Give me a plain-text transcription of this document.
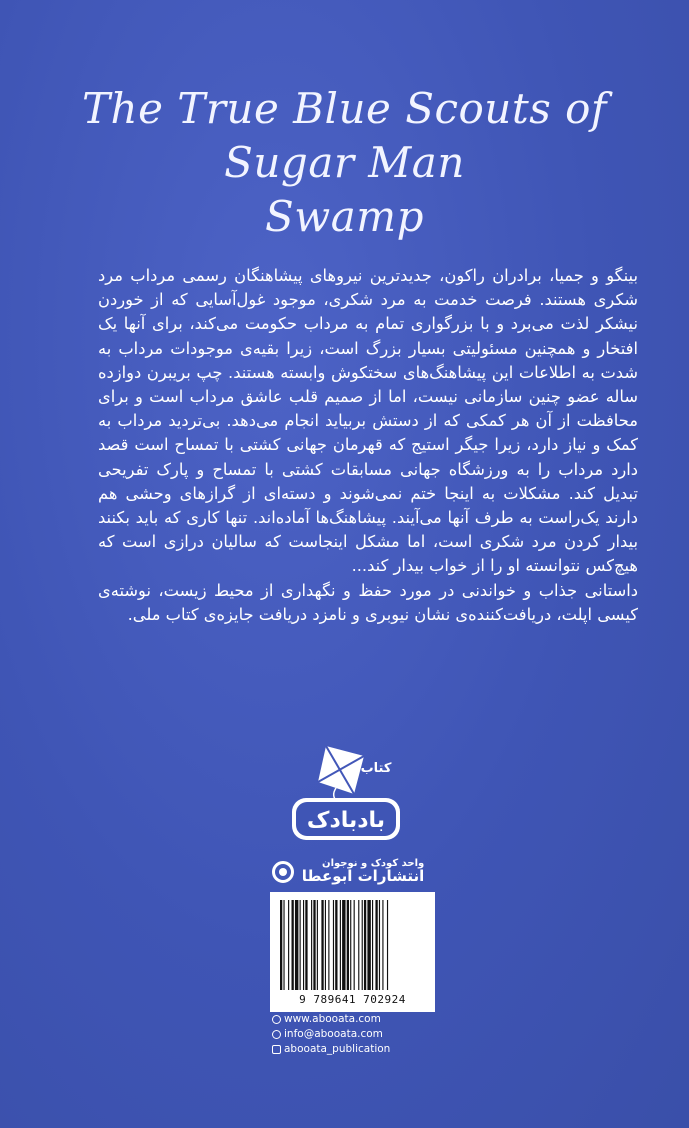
The True Blue Scouts of
Sugar Man
Swamp

بینگو و جمیا، برادران راکون، جدیدترین نیروهای پیشاهنگان رسمی مرداب مرد شکری هستند. فرصت خدمت به مرد شکری، موجود غول‌آسایی که از خوردن نیشکر لذت می‌برد و با بزرگواری تمام به مرداب حکومت می‌کند، برای آنها یک افتخار و همچنین مسئولیتی بسیار بزرگ است، زیرا بقیه‌ی موجودات مرداب به شدت به اطلاعات این پیشاهنگ‌های سختکوش وابسته هستند. چپ بریبرن دوازده ساله عضو چنین سازمانی نیست، اما از صمیم قلب عاشق مرداب است و برای محافظت از آن هر کمکی که از دستش بربیاید انجام می‌دهد. بی‌تردید مرداب به کمک و نیاز دارد، زیرا جیگر استیج که قهرمان جهانی کشتی با تمساح است قصد دارد مرداب را به ورزشگاه جهانی مسابقات کشتی با تمساح و پارک تفریحی تبدیل کند. مشکلات به اینجا ختم نمی‌شوند و دسته‌ای از گرازهای وحشی هم دارند یک‌راست به طرف آنها می‌آیند. پیشاهنگ‌ها آماده‌اند. تنها کاری که باید بکنند بیدار کردن مرد شکری است، اما مشکل اینجاست که سالیان درازی است که هیچ‌کس نتوانسته او را از خواب بیدار کند...

داستانی جذاب و خواندنی در مورد حفظ و نگهداری از محیط زیست، نوشته‌ی کیسی اپلت، دریافت‌کننده‌ی نشان نیوبری و نامزد دریافت جایزه‌ی کتاب ملی.

کتاب
بادبادک
واحد کودک و نوجوان
انتشارات ابوعطا
9 789641 702924
www.abooata.com
info@abooata.com
abooata_publication
